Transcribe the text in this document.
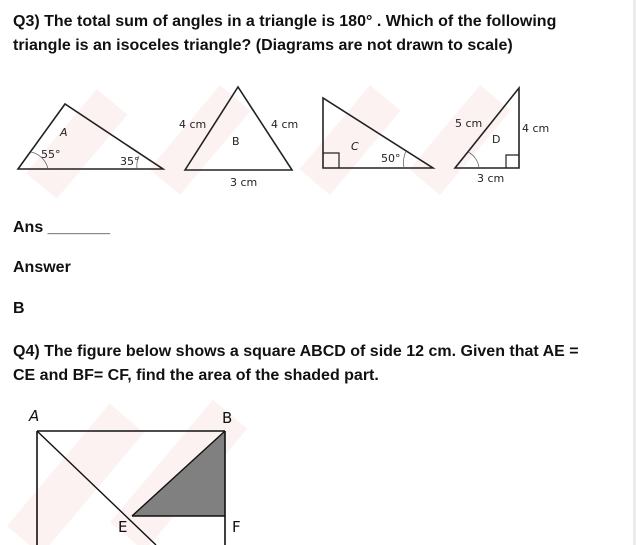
Q3) The total sum of angles in a triangle is 180° . Which of the following

triangle is an isoceles triangle? (Diagrams are not drawn to scale)

A
55°
35°
4 cm	4 cm
B
3 cm
C
50°
5 cm	4 cm
D
3 cm

Ans _______

Answer

B

Q4) The figure below shows a square ABCD of side 12 cm. Given that AE =

CE and BF= CF, find the area of the shaded part.

A	B
E	F
